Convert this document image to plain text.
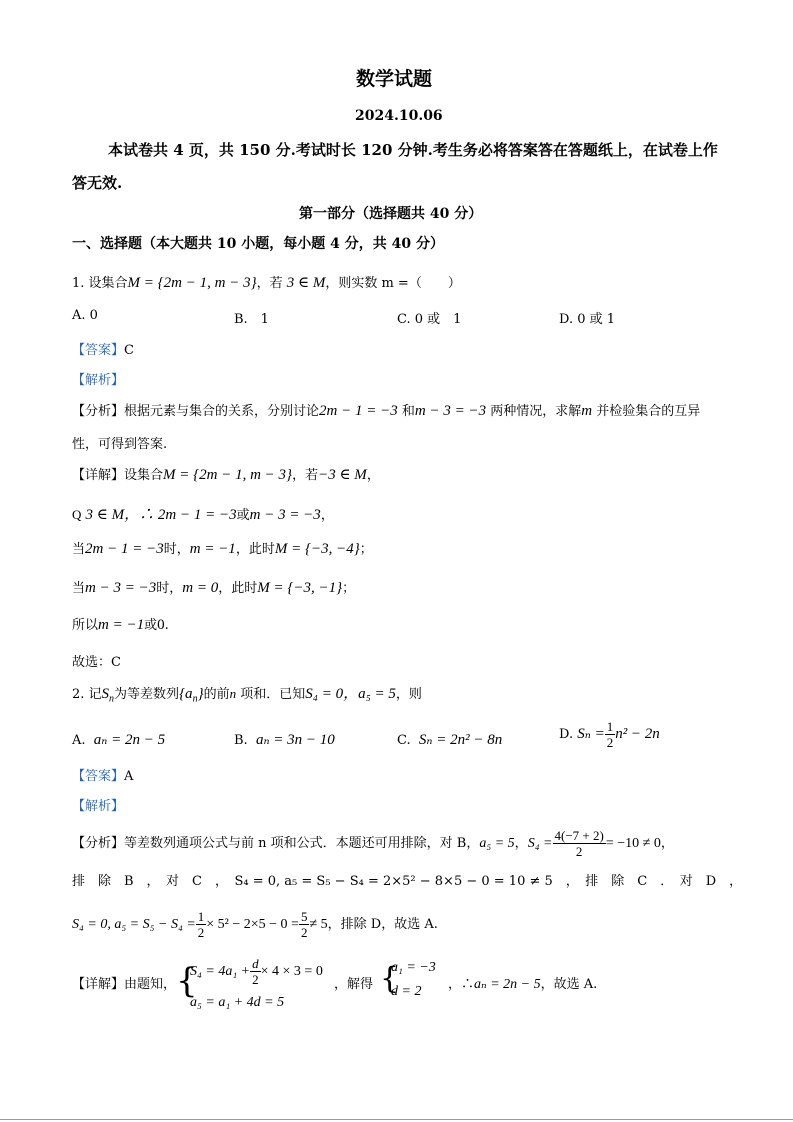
数学试题
2024.10.06
本试卷共 4 页，共 150 分.考试时长 120 分钟.考生务必将答案答在答题纸上，在试卷上作
答无效.
第一部分（选择题共 40 分）
一、选择题（本大题共 10 小题，每小题 4 分，共 40 分）
1. 设集合M = {2m − 1, m − 3}，若 3 ∈ M，则实数 m =（　　）
A. 0	B.　1	C. 0 或　1	D. 0 或 1
【答案】C
【解析】
【分析】根据元素与集合的关系，分别讨论2m − 1 = −3 和m − 3 = −3 两种情况，求解m 并检验集合的互异
性，可得到答案.
【详解】设集合M = {2m − 1, m − 3}，若−3 ∈ M，
Q 3 ∈ M，∴ 2m − 1 = −3或m − 3 = −3，
当2m − 1 = −3时，m = −1，此时M = {−3, −4}；
当m − 3 = −3时，m = 0，此时M = {−3, −1}；
所以m = −1或0.
故选：C
2. 记$S_n$为等差数列$\{a_n\}$的前n 项和．已知S₄ = 0，a₅ = 5，则
A. aₙ = 2n − 5	B. aₙ = 3n − 10	C. Sₙ = 2n² − 8n	D. $S_n = \frac{1}{2} n^2 - 2n$
【答案】A
【解析】
【分析】等差数列通项公式与前 n 项和公式．本题还可用排除，对 B，a₅ = 5，$S_4 = \frac{4(-7 + 2)}{2} = -10 \ne 0$，
排　除　B　，　对　C　，　S₄ = 0, a₅ = S₅ − S₄ = 2×5² − 8×5 − 0 = 10 ≠ 5　，　排　除　C　．　对　D　，
S₄ = 0, $a_5 = S_5 - S_4 = \frac{1}{2} \times 5^2 - 2\times 5 - 0 = \frac{5}{2} \ne 5$，排除 D，故选 A.
【详解】由题知， {
$S_4 = 4a_1 + \frac{d}{2} \times 4 \times 3 = 0$
a₅ = a₁ + 4d = 5
，解得 {
a₁ = −3
d = 2 ，∴aₙ = 2n − 5，故选 A.
